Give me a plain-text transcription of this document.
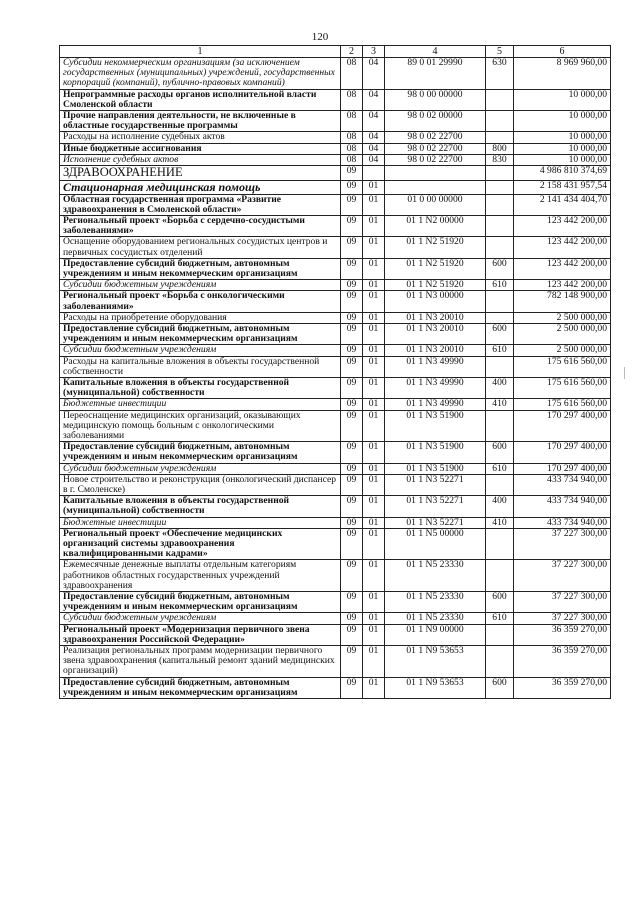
120
1	2	3	4	5	6
Субсидии некоммерческим организациям (за исключением государственных (муниципальных) учреждений, государственных корпораций (компаний), публично-правовых компаний)	08	04	89 0 01 29990	630	8 969 960,00
Непрограммные расходы органов исполнительной власти Смоленской области	08	04	98 0 00 00000		10 000,00
Прочие направления деятельности, не включенные в областные государственные программы	08	04	98 0 02 00000		10 000,00
Расходы на исполнение судебных актов	08	04	98 0 02 22700		10 000,00
Иные бюджетные ассигнования	08	04	98 0 02 22700	800	10 000,00
Исполнение судебных актов	08	04	98 0 02 22700	830	10 000,00
ЗДРАВООХРАНЕНИЕ	09				4 986 810 374,69
Стационарная медицинская помощь	09	01			2 158 431 957,54
Областная государственная программа «Развитие здравоохранения в Смоленской области»	09	01	01 0 00 00000		2 141 434 404,70
Региональный проект «Борьба с сердечно-сосудистыми заболеваниями»	09	01	01 1 N2 00000		123 442 200,00
Оснащение оборудованием региональных сосудистых центров и первичных сосудистых отделений	09	01	01 1 N2 51920		123 442 200,00
Предоставление субсидий бюджетным, автономным учреждениям и иным некоммерческим организациям	09	01	01 1 N2 51920	600	123 442 200,00
Субсидии бюджетным учреждениям	09	01	01 1 N2 51920	610	123 442 200,00
Региональный проект «Борьба с онкологическими заболеваниями»	09	01	01 1 N3 00000		782 148 900,00
Расходы на приобретение оборудования	09	01	01 1 N3 20010		2 500 000,00
Предоставление субсидий бюджетным, автономным учреждениям и иным некоммерческим организациям	09	01	01 1 N3 20010	600	2 500 000,00
Субсидии бюджетным учреждениям	09	01	01 1 N3 20010	610	2 500 000,00
Расходы на капитальные вложения в объекты государственной собственности	09	01	01 1 N3 49990		175 616 560,00
Капитальные вложения в объекты государственной (муниципальной) собственности	09	01	01 1 N3 49990	400	175 616 560,00
Бюджетные инвестиции	09	01	01 1 N3 49990	410	175 616 560,00
Переоснащение медицинских организаций, оказывающих медицинскую помощь больным с онкологическими заболеваниями	09	01	01 1 N3 51900		170 297 400,00
Предоставление субсидий бюджетным, автономным учреждениям и иным некоммерческим организациям	09	01	01 1 N3 51900	600	170 297 400,00
Субсидии бюджетным учреждениям	09	01	01 1 N3 51900	610	170 297 400,00
Новое строительство и реконструкция (онкологический диспансер в г. Смоленске)	09	01	01 1 N3 52271		433 734 940,00
Капитальные вложения в объекты государственной (муниципальной) собственности	09	01	01 1 N3 52271	400	433 734 940,00
Бюджетные инвестиции	09	01	01 1 N3 52271	410	433 734 940,00
Региональный проект «Обеспечение медицинских организаций системы здравоохранения квалифицированными кадрами»	09	01	01 1 N5 00000		37 227 300,00
Ежемесячные денежные выплаты отдельным категориям работников областных государственных учреждений здравоохранения	09	01	01 1 N5 23330		37 227 300,00
Предоставление субсидий бюджетным, автономным учреждениям и иным некоммерческим организациям	09	01	01 1 N5 23330	600	37 227 300,00
Субсидии бюджетным учреждениям	09	01	01 1 N5 23330	610	37 227 300,00
Региональный проект «Модернизация первичного звена здравоохранения Российской Федерации»	09	01	01 1 N9 00000		36 359 270,00
Реализация региональных программ модернизации первичного звена здравоохранения (капитальный ремонт зданий медицинских организаций)	09	01	01 1 N9 53653		36 359 270,00
Предоставление субсидий бюджетным, автономным учреждениям и иным некоммерческим организациям	09	01	01 1 N9 53653	600	36 359 270,00
